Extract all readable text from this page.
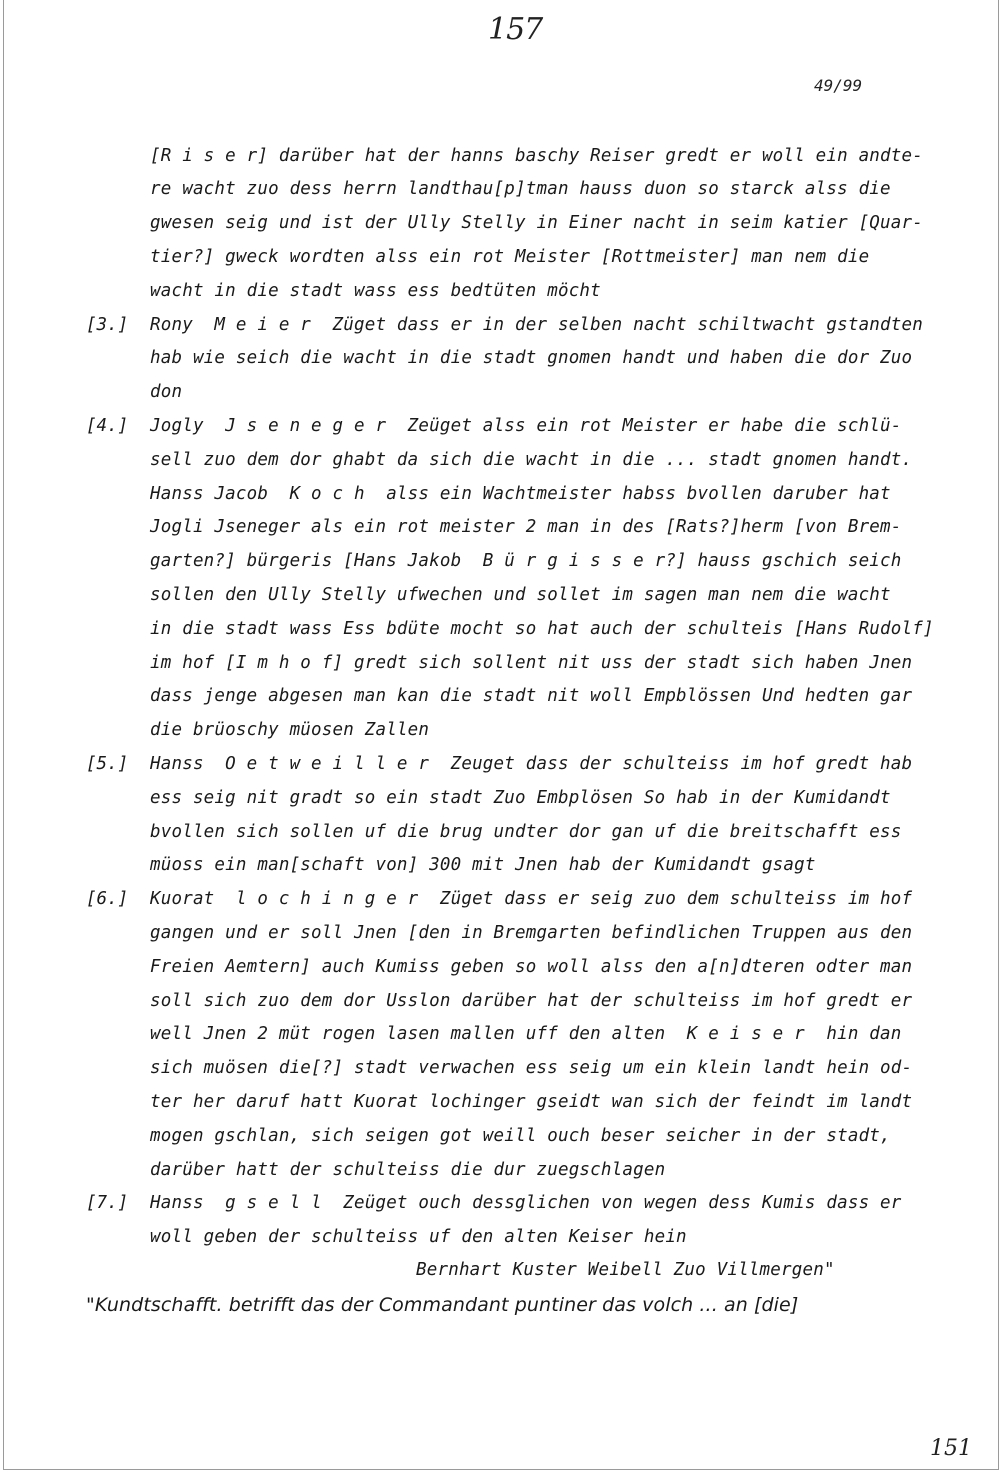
157
49/99
[R i s e r] darüber hat der hanns baschy Reiser gredt er woll ein andte-
re wacht zuo dess herrn landthau[p]tman hauss duon so starck alss die
gwesen seig und ist der Ully Stelly in Einer nacht in seim katier [Quar-
tier?] gweck wordten alss ein rot Meister [Rottmeister] man nem die
wacht in die stadt wass ess bedtüten möcht
[3.] Rony  M e i e r  Züget dass er in der selben nacht schiltwacht gstandten
hab wie seich die wacht in die stadt gnomen handt und haben die dor Zuo
don
[4.] Jogly  J s e n e g e r  Zeüget alss ein rot Meister er habe die schlü-
sell zuo dem dor ghabt da sich die wacht in die ... stadt gnomen handt.
Hanss Jacob  K o c h  alss ein Wachtmeister habss bvollen daruber hat
Jogli Jseneger als ein rot meister 2 man in des [Rats?]herm [von Brem-
garten?] bürgeris [Hans Jakob  B ü r g i s s e r?] hauss gschich seich
sollen den Ully Stelly ufwechen und sollet im sagen man nem die wacht
in die stadt wass Ess bdüte mocht so hat auch der schulteis [Hans Rudolf]
im hof [I m h o f] gredt sich sollent nit uss der stadt sich haben Jnen
dass jenge abgesen man kan die stadt nit woll Empblössen Und hedten gar
die brüoschy müosen Zallen
[5.] Hanss  O e t w e i l l e r  Zeuget dass der schulteiss im hof gredt hab
ess seig nit gradt so ein stadt Zuo Embplösen So hab in der Kumidandt
bvollen sich sollen uf die brug undter dor gan uf die breitschafft ess
müoss ein man[schaft von] 300 mit Jnen hab der Kumidandt gsagt
[6.] Kuorat  l o c h i n g e r  Züget dass er seig zuo dem schulteiss im hof
gangen und er soll Jnen [den in Bremgarten befindlichen Truppen aus den
Freien Aemtern] auch Kumiss geben so woll alss den a[n]dteren odter man
soll sich zuo dem dor Usslon darüber hat der schulteiss im hof gredt er
well Jnen 2 müt rogen lasen mallen uff den alten  K e i s e r  hin dan
sich muösen die[?] stadt verwachen ess seig um ein klein landt hein od-
ter her daruf hatt Kuorat lochinger gseidt wan sich der feindt im landt
mogen gschlan, sich seigen got weill ouch beser seicher in der stadt,
darüber hatt der schulteiss die dur zuegschlagen
[7.] Hanss  g s e l l  Zeüget ouch dessglichen von wegen dess Kumis dass er
woll geben der schulteiss uf den alten Keiser hein
Bernhart Kuster Weibell Zuo Villmergen"
"Kundtschafft. betrifft das der Commandant puntiner das volch ... an [die]
151
